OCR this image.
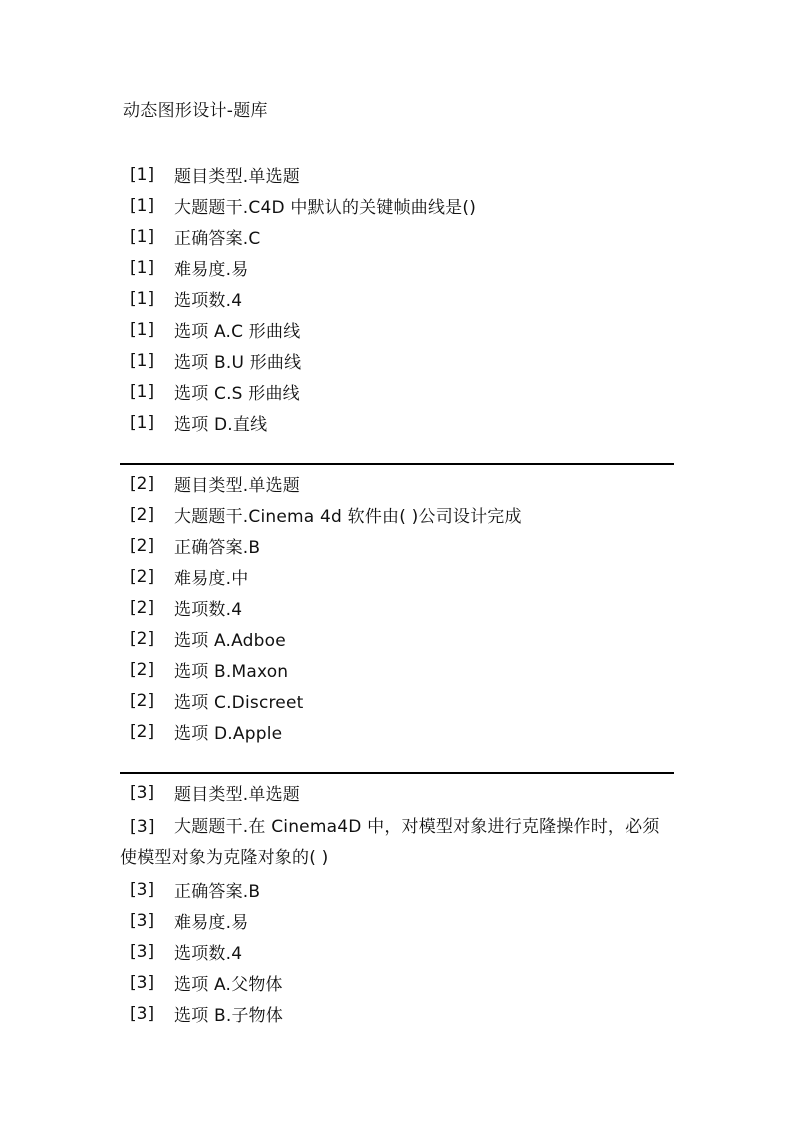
动态图形设计-题库
[1]	题目类型.单选题
[1]	大题题干.C4D 中默认的关键帧曲线是()
[1]	正确答案.C
[1]	难易度.易
[1]	选项数.4
[1]	选项 A.C 形曲线
[1]	选项 B.U 形曲线
[1]	选项 C.S 形曲线
[1]	选项 D.直线
[2]	题目类型.单选题
[2]	大题题干.Cinema 4d 软件由( )公司设计完成
[2]	正确答案.B
[2]	难易度.中
[2]	选项数.4
[2]	选项 A.Adboe
[2]	选项 B.Maxon
[2]	选项 C.Discreet
[2]	选项 D.Apple
[3]	题目类型.单选题
[3] 大题题干.在 Cinema4D 中，对模型对象进行克隆操作时，必须使模型对象为克隆对象的( )
[3]	正确答案.B
[3]	难易度.易
[3]	选项数.4
[3]	选项 A.父物体
[3]	选项 B.子物体
